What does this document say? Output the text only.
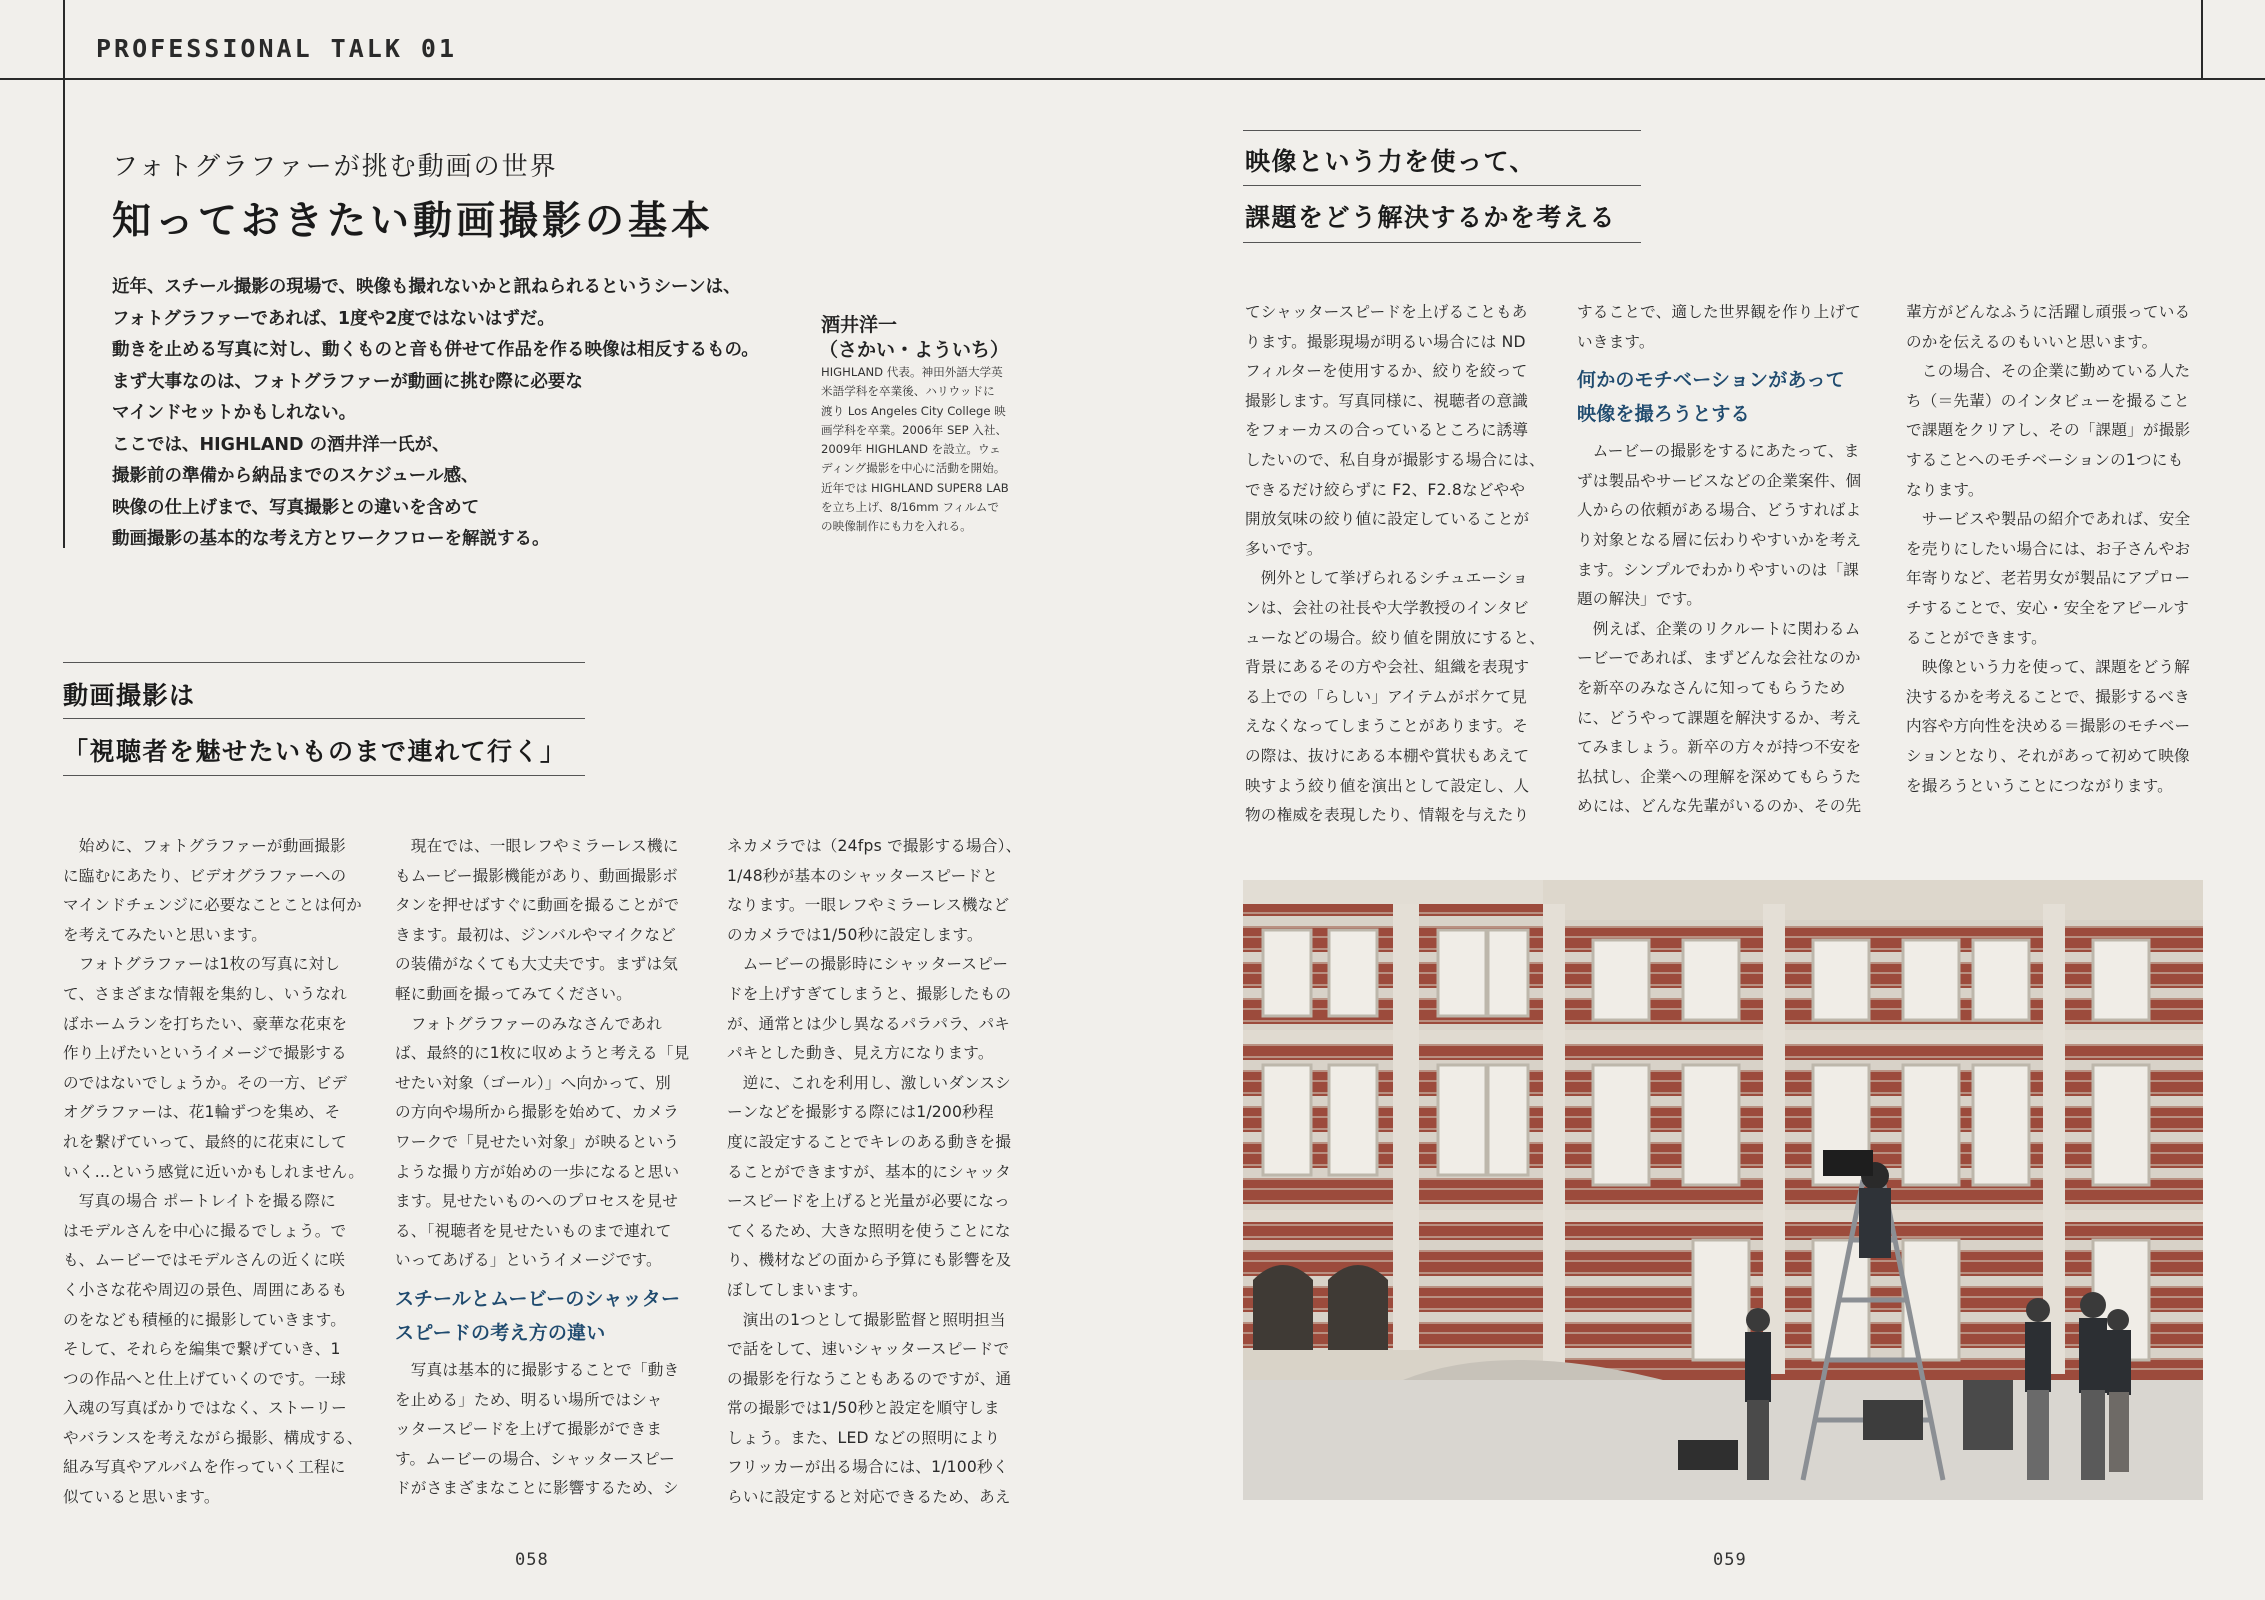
PROFESSIONAL TALK 01
フォトグラファーが挑む動画の世界
知っておきたい動画撮影の基本
近年、スチール撮影の現場で、映像も撮れないかと訊ねられるというシーンは、
フォトグラファーであれば、1度や2度ではないはずだ。
動きを止める写真に対し、動くものと音も併せて作品を作る映像は相反するもの。
まず大事なのは、フォトグラファーが動画に挑む際に必要な
マインドセットかもしれない。
ここでは、HIGHLAND の酒井洋一氏が、
撮影前の準備から納品までのスケジュール感、
映像の仕上げまで、写真撮影との違いを含めて
動画撮影の基本的な考え方とワークフローを解説する。
酒井洋一
（さかい・よういち）
HIGHLAND 代表。神田外語大学英
米語学科を卒業後、ハリウッドに
渡り Los Angeles City College 映
画学科を卒業。2006年 SEP 入社、
2009年 HIGHLAND を設立。ウェ
ディング撮影を中心に活動を開始。
近年では HIGHLAND SUPER8 LAB
を立ち上げ、8/16mm フィルムで
の映像制作にも力を入れる。
動画撮影は
「視聴者を魅せたいものまで連れて行く」
映像という力を使って、
課題をどう解決するかを考える
　始めに、フォトグラファーが動画撮影
に臨むにあたり、ビデオグラファーへの
マインドチェンジに必要なことことは何か
を考えてみたいと思います。
　フォトグラファーは1枚の写真に対し
て、さまざまな情報を集約し、いうなれ
ばホームランを打ちたい、豪華な花束を
作り上げたいというイメージで撮影する
のではないでしょうか。その一方、ビデ
オグラファーは、花1輪ずつを集め、そ
れを繋げていって、最終的に花束にして
いく…という感覚に近いかもしれません。
　写真の場合 ポートレイトを撮る際に
はモデルさんを中心に撮るでしょう。で
も、ムービーではモデルさんの近くに咲
く小さな花や周辺の景色、周囲にあるも
のをなども積極的に撮影していきます。
そして、それらを編集で繋げていき、1
つの作品へと仕上げていくのです。一球
入魂の写真ばかりではなく、ストーリー
やバランスを考えながら撮影、構成する、
組み写真やアルバムを作っていく工程に
似ていると思います。
　現在では、一眼レフやミラーレス機に
もムービー撮影機能があり、動画撮影ボ
タンを押せばすぐに動画を撮ることがで
きます。最初は、ジンバルやマイクなど
の装備がなくても大丈夫です。まずは気
軽に動画を撮ってみてください。
　フォトグラファーのみなさんであれ
ば、最終的に1枚に収めようと考える「見
せたい対象（ゴール）」へ向かって、別
の方向や場所から撮影を始めて、カメラ
ワークで「見せたい対象」が映るという
ような撮り方が始めの一歩になると思い
ます。見せたいものへのプロセスを見せ
る、「視聴者を見せたいものまで連れて
いってあげる」というイメージです。
スチールとムービーのシャッター
スピードの考え方の違い
　写真は基本的に撮影することで「動き
を止める」ため、明るい場所ではシャ
ッタースピードを上げて撮影ができま
す。ムービーの場合、シャッタースピー
ドがさまざまなことに影響するため、シ
ネカメラでは（24fps で撮影する場合）、
1/48秒が基本のシャッタースピードと
なります。一眼レフやミラーレス機など
のカメラでは1/50秒に設定します。
　ムービーの撮影時にシャッタースピー
ドを上げすぎてしまうと、撮影したもの
が、通常とは少し異なるパラパラ、パキ
パキとした動き、見え方になります。
　逆に、これを利用し、激しいダンスシ
ーンなどを撮影する際には1/200秒程
度に設定することでキレのある動きを撮
ることができますが、基本的にシャッタ
ースピードを上げると光量が必要になっ
てくるため、大きな照明を使うことにな
り、機材などの面から予算にも影響を及
ぼしてしまいます。
　演出の1つとして撮影監督と照明担当
で話をして、速いシャッタースピードで
の撮影を行なうこともあるのですが、通
常の撮影では1/50秒と設定を順守しま
しょう。また、LED などの照明により
フリッカーが出る場合には、1/100秒く
らいに設定すると対応できるため、あえ
てシャッタースピードを上げることもあ
ります。撮影現場が明るい場合には ND
フィルターを使用するか、絞りを絞って
撮影します。写真同様に、視聴者の意識
をフォーカスの合っているところに誘導
したいので、私自身が撮影する場合には、
できるだけ絞らずに F2、F2.8などやや
開放気味の絞り値に設定していることが
多いです。
　例外として挙げられるシチュエーショ
ンは、会社の社長や大学教授のインタビ
ューなどの場合。絞り値を開放にすると、
背景にあるその方や会社、組織を表現す
る上での「らしい」アイテムがボケて見
えなくなってしまうことがあります。そ
の際は、抜けにある本棚や賞状もあえて
映すよう絞り値を演出として設定し、人
物の権威を表現したり、情報を与えたり
することで、適した世界観を作り上げて
いきます。
何かのモチベーションがあって
映像を撮ろうとする
　ムービーの撮影をするにあたって、ま
ずは製品やサービスなどの企業案件、個
人からの依頼がある場合、どうすればよ
り対象となる層に伝わりやすいかを考え
ます。シンプルでわかりやすいのは「課
題の解決」です。
　例えば、企業のリクルートに関わるム
ービーであれば、まずどんな会社なのか
を新卒のみなさんに知ってもらうため
に、どうやって課題を解決するか、考え
てみましょう。新卒の方々が持つ不安を
払拭し、企業への理解を深めてもらうた
めには、どんな先輩がいるのか、その先
輩方がどんなふうに活躍し頑張っている
のかを伝えるのもいいと思います。
　この場合、その企業に勤めている人た
ち（＝先輩）のインタビューを撮ること
で課題をクリアし、その「課題」が撮影
することへのモチベーションの1つにも
なります。
　サービスや製品の紹介であれば、安全
を売りにしたい場合には、お子さんやお
年寄りなど、老若男女が製品にアプロー
チすることで、安心・安全をアピールす
ることができます。
　映像という力を使って、課題をどう解
決するかを考えることで、撮影するべき
内容や方向性を決める＝撮影のモチベー
ションとなり、それがあって初めて映像
を撮ろうということにつながります。
058	059
